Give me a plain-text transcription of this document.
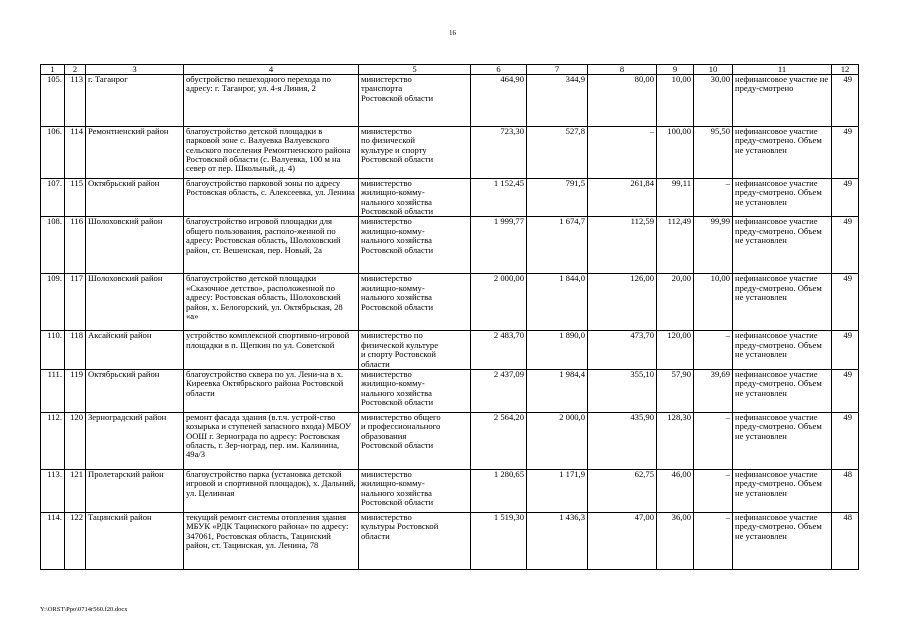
16
1	2	3	4	5	6	7	8	9	10	11	12
105.	113	г. Таганрог	обустройство пешеходного перехода по адресу: г. Таганрог, ул. 4-я Линия, 2	министерство
транспорта
Ростовской области	464,90	344,9	80,00	10,00	30,00	нефинансовое участие не преду-смотрено	49
106.	114	Ремонтненский район	благоустройство детской площадки в парковой зоне с. Валуевка Валуевского сельского поселения Ремонтненского района Ростовской области (с. Валуевка, 100 м на север от пер. Школьный, д. 4)	министерство
по физической
культуре и спорту
Ростовской области	723,30	527,8	–	100,00	95,50	нефинансовое участие преду-смотрено. Объем не установлен	49
107.	115	Октябрьский район	благоустройство парковой зоны по адресу Ростовская область, с. Алексеевка, ул. Ленина	министерство
жилищно-комму-
нального хозяйства
Ростовской области	1 152,45	791,5	261,84	99,11	–	нефинансовое участие преду-смотрено. Объем не установлен	49
108.	116	Шолоховский район	благоустройство игровой площадки для общего пользования, располо-женной по адресу: Ростовская область, Шолоховский район, ст. Вешенская, пер. Новый, 2а	министерство
жилищно-комму-
нального хозяйства
Ростовской области	1 999,77	1 674,7	112,59	112,49	99,99	нефинансовое участие преду-смотрено. Объем не установлен	49
109.	117	Шолоховский район	благоустройство детской площадки «Сказочное детство», расположенной по адресу: Ростовская область, Шолоховский район, х. Белогорский, ул. Октябрьская, 28 «а»	министерство
жилищно-комму-
нального хозяйства
Ростовской области	2 000,00	1 844,0	126,00	20,00	10,00	нефинансовое участие преду-смотрено. Объем не установлен	49
110.	118	Аксайский район	устройство комплексной спортивно-игровой площадки в п. Щепкин по ул. Советской	министерство по
физической культуре
и спорту Ростовской
области	2 483,70	1 890,0	473,70	120,00	–	нефинансовое участие преду-смотрено. Объем не установлен	49
111.	119	Октябрьский район	благоустройство сквера по ул. Лени-на в х. Киреевка Октябрьского района Ростовской области	министерство
жилищно-комму-
нального хозяйства
Ростовской области	2 437,09	1 984,4	355,10	57,90	39,69	нефинансовое участие преду-смотрено. Объем не установлен	49
112.	120	Зерноградский район	ремонт фасада здания (в.т.ч. устрой-ство козырька и ступеней запасного входа) МБОУ ООШ г. Зернограда по адресу: Ростовская область, г. Зер-ноград, пер. им. Калинина, 49а/3	министерство общего
и профессионального
образования
Ростовской области	2 564,20	2 000,0	435,90	128,30	–	нефинансовое участие преду-смотрено. Объем не установлен	49
113.	121	Пролетарский район	благоустройство парка (установка детской игровой и спортивной площадок), х. Дальний, ул. Целинная	министерство
жилищно-комму-
нального хозяйства
Ростовской области	1 280,65	1 171,9	62,75	46,00	–	нефинансовое участие преду-смотрено. Объем не установлен	48
114.	122	Тацинский район	текущий ремонт системы отопления здания МБУК «РДК Тацинского района» по адресу: 347061, Ростовская область, Тацинский район, ст. Тацинская, ул. Ленина, 78	министерство
культуры Ростовской
области	1 519,30	1 436,3	47,00	36,00	–	нефинансовое участие преду-смотрено. Объем не установлен	48
Y:\ORST\Ppo\0714r560.f20.docx
